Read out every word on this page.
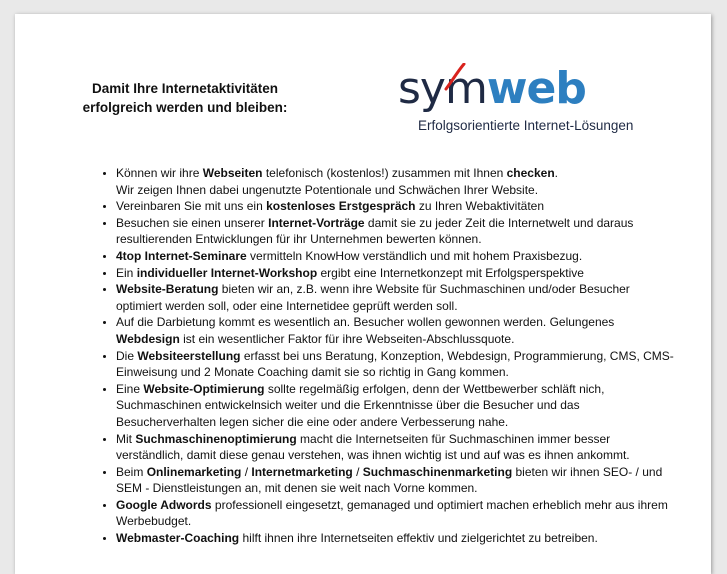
Damit Ihre Internetaktivitäten
erfolgreich werden und bleiben:	symweb
Erfolgsorientierte Internet-Lösungen
• Können wir ihre Webseiten telefonisch (kostenlos!) zusammen mit Ihnen checken.
Wir zeigen Ihnen dabei ungenutzte Potentionale und Schwächen Ihrer Website.
• Vereinbaren Sie mit uns ein kostenloses Erstgespräch zu Ihren Webaktivitäten
• Besuchen sie einen unserer Internet-Vorträge damit sie zu jeder Zeit die Internetwelt und daraus resultierenden Entwicklungen für ihr Unternehmen bewerten können.
• 4top Internet-Seminare vermitteln KnowHow verständlich und mit hohem Praxisbezug.
• Ein individueller Internet-Workshop ergibt eine Internetkonzept mit Erfolgsperspektive
• Website-Beratung bieten wir an, z.B. wenn ihre Website für Suchmaschinen und/oder Besucher optimiert werden soll, oder eine Internetidee geprüft werden soll.
• Auf die Darbietung kommt es wesentlich an. Besucher wollen gewonnen werden. Gelungenes Webdesign ist ein wesentlicher Faktor für ihre Webseiten-Abschlussquote.
• Die Websiteerstellung erfasst bei uns Beratung, Konzeption, Webdesign, Programmierung, CMS, CMS-Einweisung und 2 Monate Coaching damit sie so richtig in Gang kommen.
• Eine Website-Optimierung sollte regelmäßig erfolgen, denn der Wettbewerber schläft nich, Suchmaschinen entwickelnsich weiter und die Erkenntnisse über die Besucher und das Besucherverhalten legen sicher die eine oder andere Verbesserung nahe.
• Mit Suchmaschinenoptimierung macht die Internetseiten für Suchmaschinen immer besser verständlich, damit diese genau verstehen, was ihnen wichtig ist und auf was es ihnen ankommt.
• Beim Onlinemarketing / Internetmarketing / Suchmaschinenmarketing bieten wir ihnen SEO- / und SEM - Dienstleistungen an, mit denen sie weit nach Vorne kommen.
• Google Adwords professionell eingesetzt, gemanaged und optimiert machen erheblich mehr aus ihrem Werbebudget.
• Webmaster-Coaching hilft ihnen ihre Internetseiten effektiv und zielgerichtet zu betreiben.
